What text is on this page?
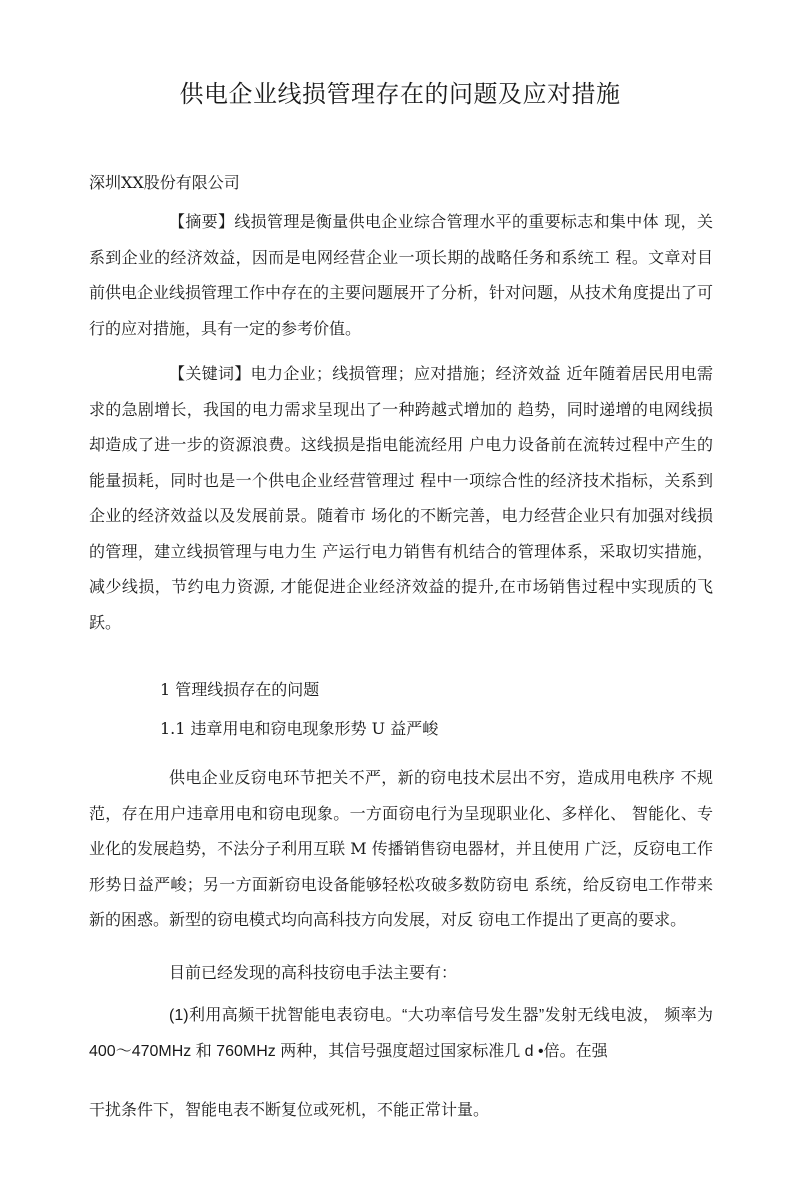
供电企业线损管理存在的问题及应对措施
深圳XX股份有限公司

【摘要】线损管理是衡量供电企业综合管理水平的重要标志和集中体 现，关系到企业的经济效益，因而是电网经营企业一项长期的战略任务和系统工 程。文章对目前供电企业线损管理工作中存在的主要问题展开了分析，针对问题，从技术角度提出了可行的应对措施，具有一定的参考价值。

【关键词】电力企业；线损管理；应对措施；经济效益 近年随着居民用电需求的急剧增长，我国的电力需求呈现出了一种跨越式增加的 趋势，同时递增的电网线损却造成了进一步的资源浪费。这线损是指电能流经用 户电力设备前在流转过程中产生的能量损耗，同时也是一个供电企业经营管理过 程中一项综合性的经济技术指标，关系到企业的经济效益以及发展前景。随着市 场化的不断完善，电力经营企业只有加强对线损的管理，建立线损管理与电力生 产运行电力销售有机结合的管理体系，采取切实措施，减少线损，节约电力资源, 才能促进企业经济效益的提升,在市场销售过程中实现质的飞跃。

1 管理线损存在的问题

1.1 违章用电和窃电现象形势 U 益严峻

供电企业反窃电环节把关不严，新的窃电技术层出不穷，造成用电秩序 不规范，存在用户违章用电和窃电现象。一方面窃电行为呈现职业化、多样化、 智能化、专业化的发展趋势，不法分子利用互联 M 传播销售窃电器材，并且使用 广泛，反窃电工作形势日益严峻；另一方面新窃电设备能够轻松攻破多数防窃电 系统，给反窃电工作带来新的困惑。新型的窃电模式均向高科技方向发展，对反 窃电工作提出了更高的要求。

目前已经发现的高科技窃电手法主要有：

(1)利用高频干扰智能电表窃电。“大功率信号发生器”发射无线电波， 频率为 400～470MHz 和 760MHz 两种，其信号强度超过国家标准几 d •倍。在强

干扰条件下，智能电表不断复位或死机，不能正常计量。
